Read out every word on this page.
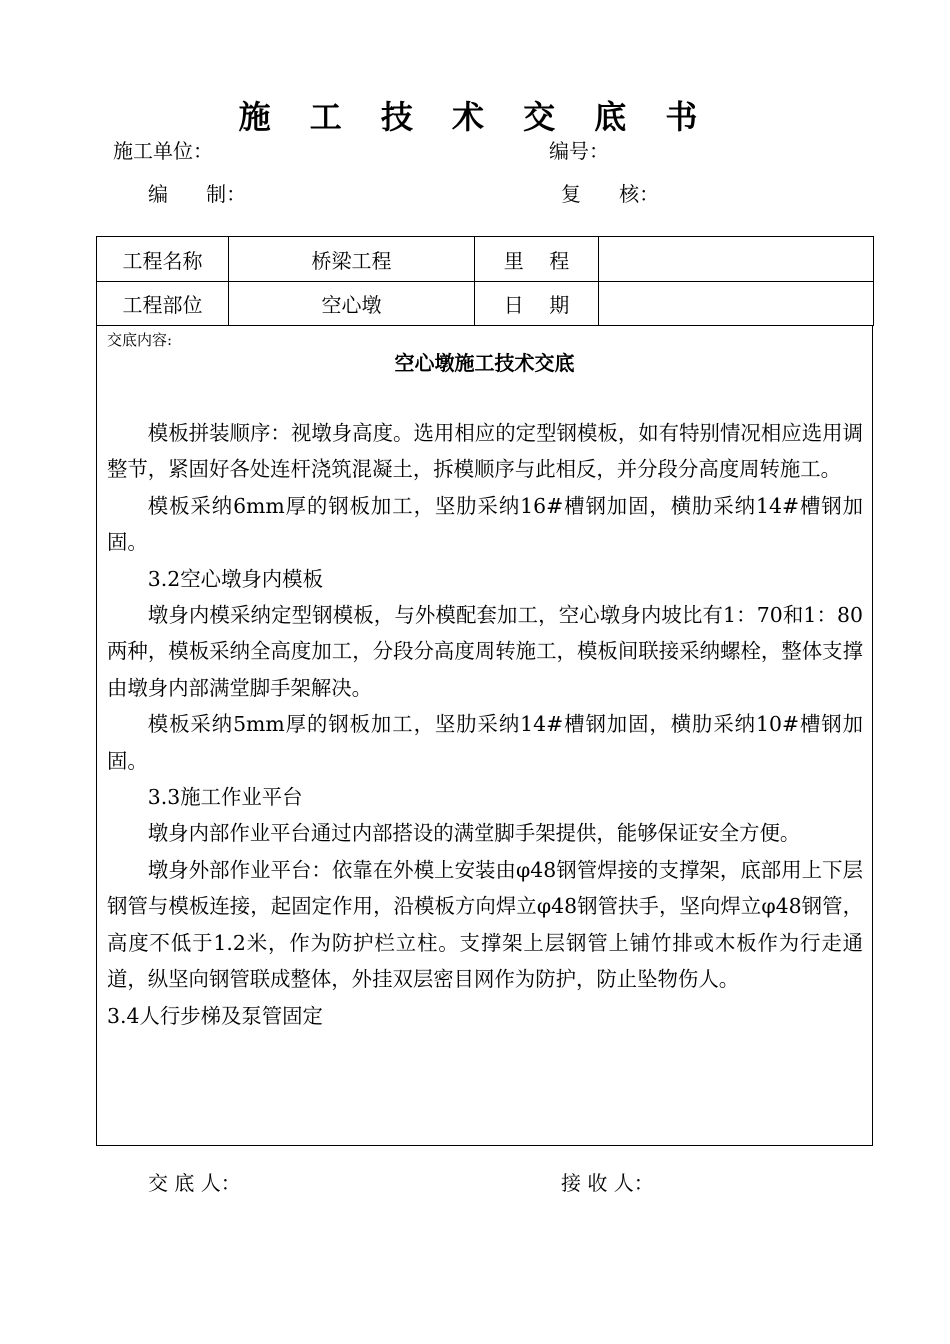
施 工 技 术 交 底 书
施工单位：	编号：
编      制：	复      核：
工程名称	桥梁工程	里    程	
工程部位	空心墩	日    期	
交底内容:
空心墩施工技术交底

模板拼装顺序：视墩身高度。选用相应的定型钢模板，如有特别情况相应选用调整节，紧固好各处连杆浇筑混凝土，拆模顺序与此相反，并分段分高度周转施工。

模板采纳6mm厚的钢板加工，坚肋采纳16#槽钢加固，横肋采纳14#槽钢加固。

3.2空心墩身内模板

墩身内模采纳定型钢模板，与外模配套加工，空心墩身内坡比有1：70和1：80两种，模板采纳全高度加工，分段分高度周转施工，模板间联接采纳螺栓，整体支撑由墩身内部满堂脚手架解决。

模板采纳5mm厚的钢板加工，坚肋采纳14#槽钢加固，横肋采纳10#槽钢加固。

3.3施工作业平台

墩身内部作业平台通过内部搭设的满堂脚手架提供，能够保证安全方便。

墩身外部作业平台：依靠在外模上安装由φ48钢管焊接的支撑架，底部用上下层钢管与模板连接，起固定作用，沿模板方向焊立φ48钢管扶手，坚向焊立φ48钢管，高度不低于1.2米，作为防护栏立柱。支撑架上层钢管上铺竹排或木板作为行走通道，纵坚向钢管联成整体，外挂双层密目网作为防护，防止坠物伤人。

3.4人行步梯及泵管固定

交 底 人：	接 收 人：
